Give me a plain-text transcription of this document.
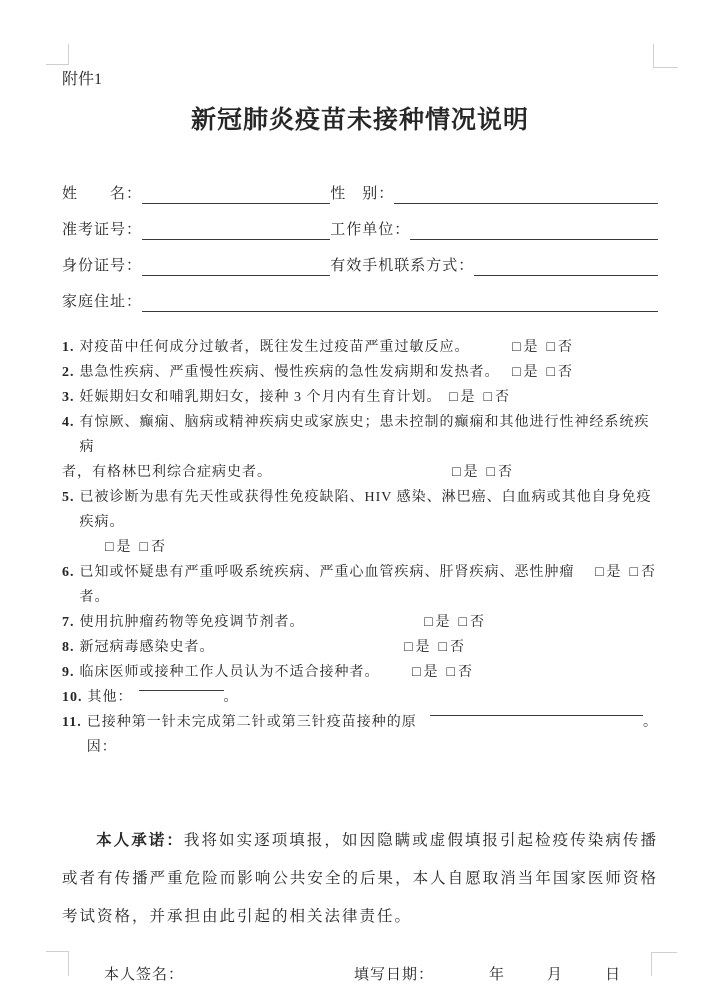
附件1
新冠肺炎疫苗未接种情况说明
姓　　名：	性　别：
准考证号：	工作单位：
身份证号：	有效手机联系方式：
家庭住址：
1. 对疫苗中任何成分过敏者，既往发生过疫苗严重过敏反应。	□ 是 □ 否
2. 患急性疾病、严重慢性疾病、慢性疾病的急性发病期和发热者。 □ 是 □ 否
3. 妊娠期妇女和哺乳期妇女，接种 3 个月内有生育计划。 □ 是 □ 否
4. 有惊厥、癫痫、脑病或精神疾病史或家族史；患未控制的癫痫和其他进行性神经系统疾病
者，有格林巴利综合症病史者。	□ 是 □ 否
5. 已被诊断为患有先天性或获得性免疫缺陷、HIV 感染、淋巴癌、白血病或其他自身免疫疾病。
□ 是 □ 否
6. 已知或怀疑患有严重呼吸系统疾病、严重心血管疾病、肝肾疾病、恶性肿瘤者。
□ 是 □ 否
7. 使用抗肿瘤药物等免疫调节剂者。	□ 是 □ 否
8. 新冠病毒感染史者。	□ 是 □ 否
9. 临床医师或接种工作人员认为不适合接种者。 □ 是 □ 否
10. 其他：	。
11. 已接种第一针未完成第二针或第三针疫苗接种的原因：
。
本人承诺：我将如实逐项填报，如因隐瞒或虚假填报引起检疫传染病传播或者有传播严重危险而影响公共安全的后果，本人自愿取消当年国家医师资格考试资格，并承担由此引起的相关法律责任。
本人签名：	填写日期：	年	月	日
